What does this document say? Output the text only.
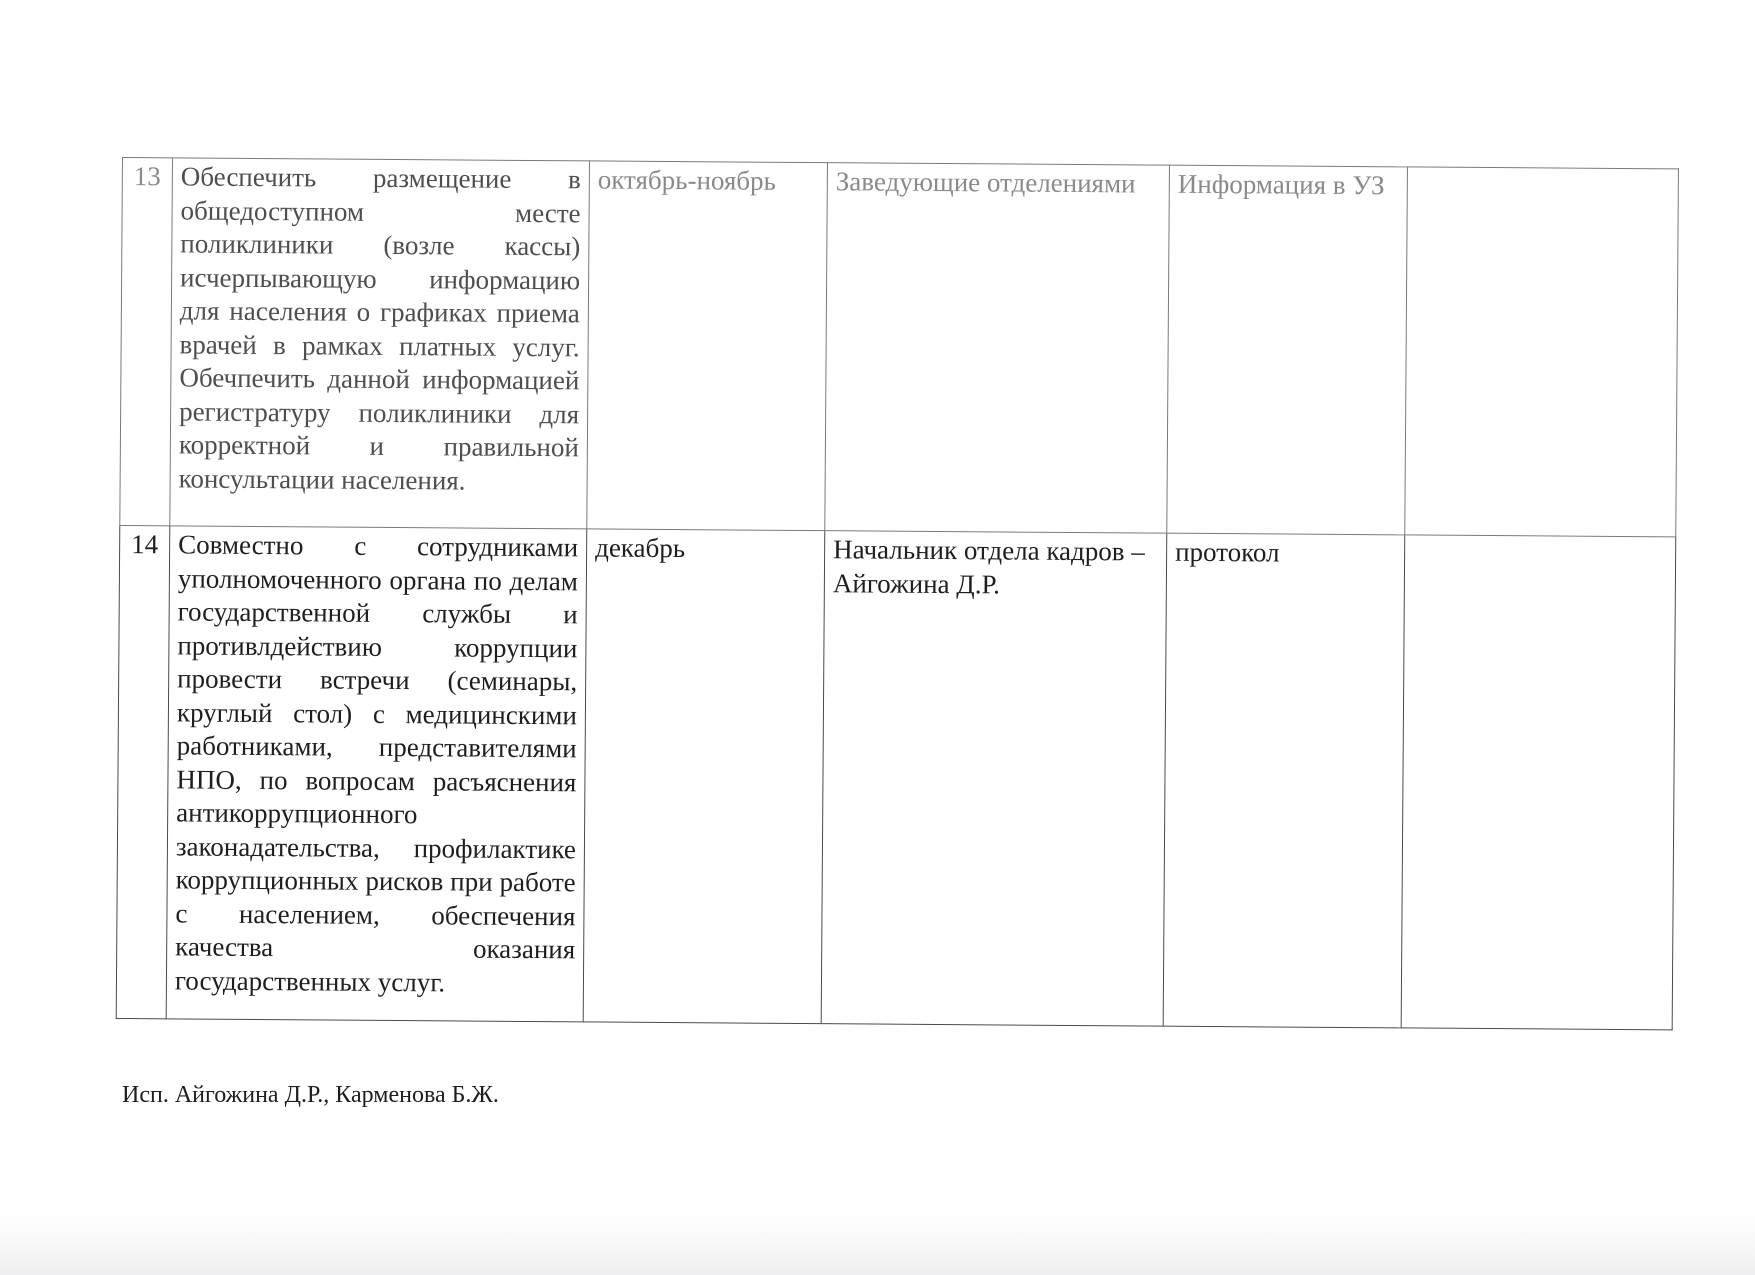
13	Обеспечить размещение в общедоступном месте поликлиники (возле кассы) исчерпывающую информацию для населения о графиках приема врачей в рамках платных услуг. Обечпечить данной информацией регистратуру поликлиники для корректной и правильной консультации населения.	октябрь-ноябрь	Заведующие отделениями	Информация в УЗ	
14	Совместно с сотрудниками уполномоченного органа по делам государственной службы и противлдействию коррупции провести встречи (семинары, круглый стол) с медицинскими работниками, представителями НПО, по вопросам расъяснения антикоррупционного законадательства, профилактике коррупционных рисков при работе с населением, обеспечения качества оказания государственных услуг.	декабрь	Начальник отдела кадров – Айгожина Д.Р.	протокол	
Исп. Айгожина Д.Р., Карменова Б.Ж.
